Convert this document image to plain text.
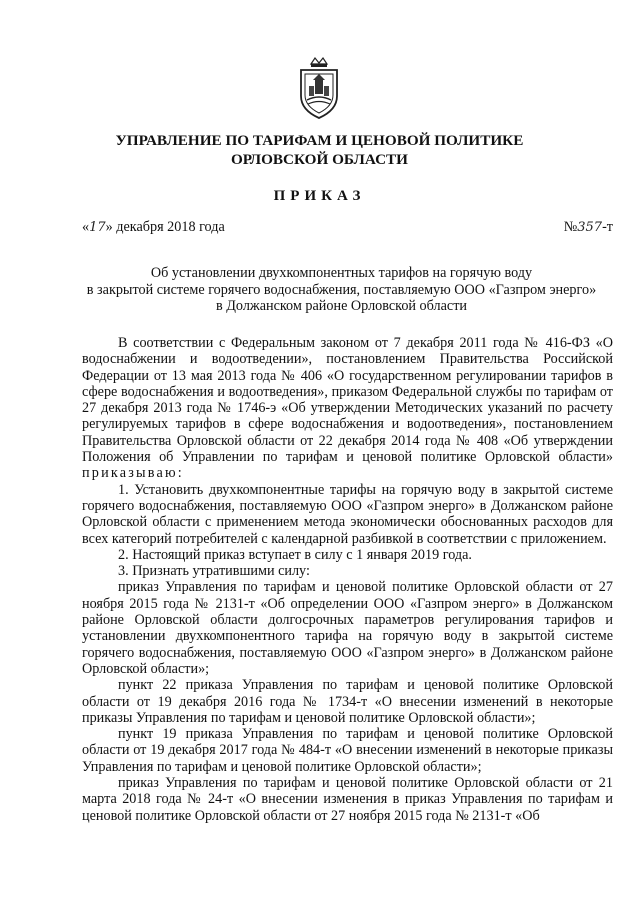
УПРАВЛЕНИЕ ПО ТАРИФАМ И ЦЕНОВОЙ ПОЛИТИКЕ
ОРЛОВСКОЙ ОБЛАСТИ
ПРИКАЗ
«17» декабря 2018 года	№357-т
Об установлении двухкомпонентных тарифов на горячую воду
в закрытой системе горячего водоснабжения, поставляемую ООО «Газпром энерго»
в Должанском районе Орловской области

В соответствии с Федеральным законом от 7 декабря 2011 года № 416-ФЗ «О водоснабжении и водоотведении», постановлением Правительства Российской Федерации от 13 мая 2013 года № 406 «О государственном регулировании тарифов в сфере водоснабжения и водоотведения», приказом Федеральной службы по тарифам от 27 декабря 2013 года № 1746-э «Об утверждении Методических указаний по расчету регулируемых тарифов в сфере водоснабжения и водоотведения», постановлением Правительства Орловской области от 22 декабря 2014 года № 408 «Об утверждении Положения об Управлении по тарифам и ценовой политике Орловской области» приказываю:

1. Установить двухкомпонентные тарифы на горячую воду в закрытой системе горячего водоснабжения, поставляемую ООО «Газпром энерго» в Должанском районе Орловской области с применением метода экономически обоснованных расходов для всех категорий потребителей с календарной разбивкой в соответствии с приложением.

2. Настоящий приказ вступает в силу с 1 января 2019 года.

3. Признать утратившими силу:

приказ Управления по тарифам и ценовой политике Орловской области от 27 ноября 2015 года № 2131-т «Об определении ООО «Газпром энерго» в Должанском районе Орловской области долгосрочных параметров регулирования тарифов и установлении двухкомпонентного тарифа на горячую воду в закрытой системе горячего водоснабжения, поставляемую ООО «Газпром энерго» в Должанском районе Орловской области»;

пункт 22 приказа Управления по тарифам и ценовой политике Орловской области от 19 декабря 2016 года № 1734-т «О внесении изменений в некоторые приказы Управления по тарифам и ценовой политике Орловской области»;

пункт 19 приказа Управления по тарифам и ценовой политике Орловской области от 19 декабря 2017 года № 484-т «О внесении изменений в некоторые приказы Управления по тарифам и ценовой политике Орловской области»;

приказ Управления по тарифам и ценовой политике Орловской области от 21 марта 2018 года № 24-т «О внесении изменения в приказ Управления по тарифам и ценовой политике Орловской области от 27 ноября 2015 года № 2131-т «Об
